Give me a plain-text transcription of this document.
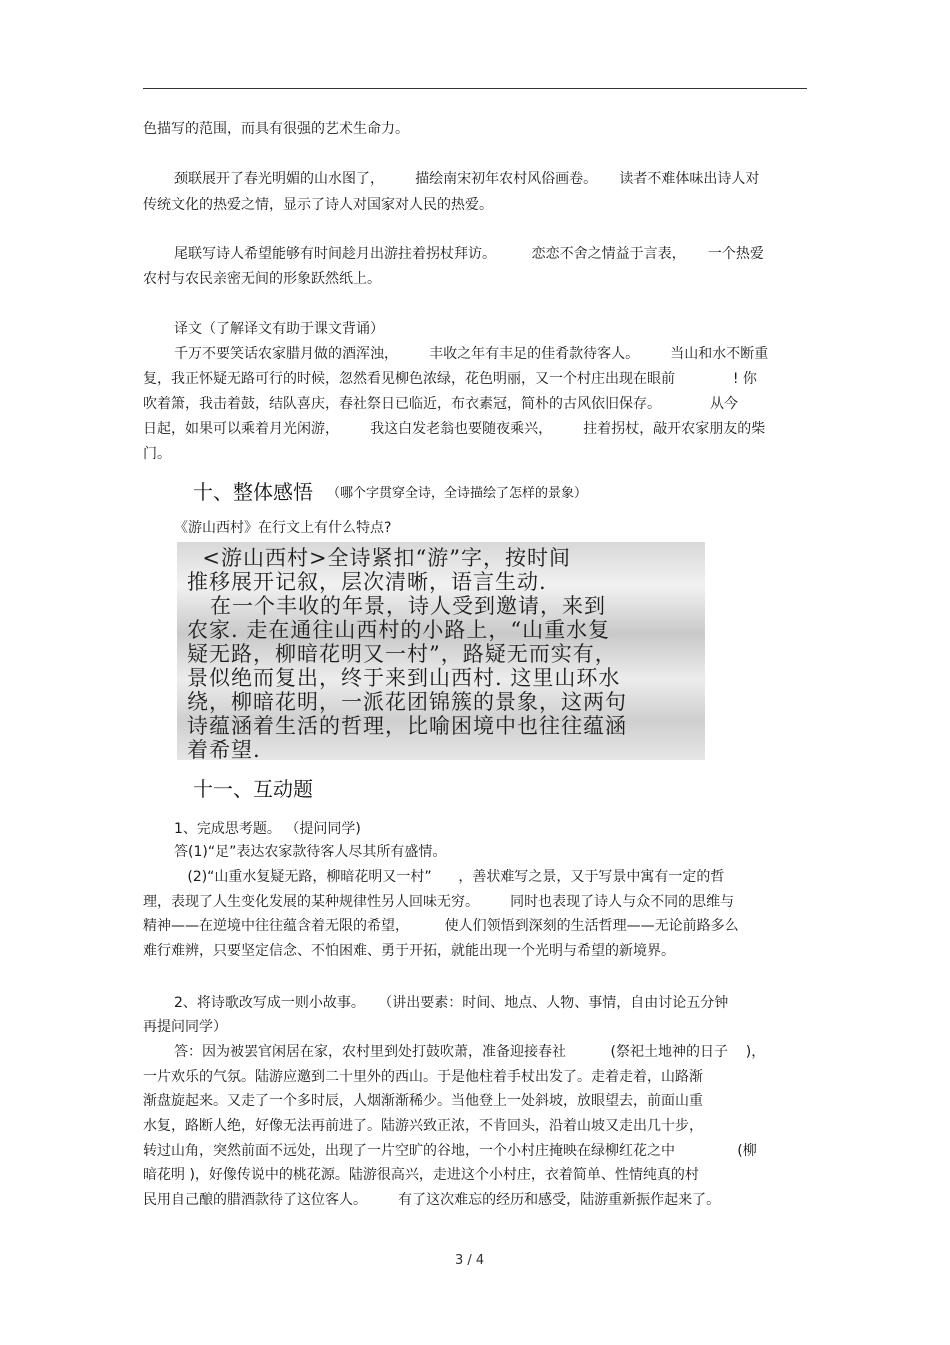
色描写的范围，而具有很强的艺术生命力。
颈联展开了春光明媚的山水图了，       描绘南宋初年农村风俗画卷。     读者不难体味出诗人对
传统文化的热爱之情，显示了诗人对国家对人民的热爱。
尾联写诗人希望能够有时间趁月出游拄着拐杖拜访。        恋恋不舍之情益于言表，     一个热爱
农村与农民亲密无间的形象跃然纸上。
译文（了解译文有助于课文背诵）
千万不要笑话农家腊月做的酒浑浊，       丰收之年有丰足的佳肴款待客人。       当山和水不断重
复，我正怀疑无路可行的时候，忽然看见柳色浓绿，花色明丽，又一个村庄出现在眼前             ! 你
吹着箫，我击着鼓，结队喜庆，春社祭日已临近，布衣素冠，简朴的古风依旧保存。           从今
日起，如果可以乘着月光闲游，       我这白发老翁也要随夜乘兴，       拄着拐杖，敲开农家朋友的柴
门。
十、整体感悟 （哪个字贯穿全诗，全诗描绘了怎样的景象）
《游山西村》在行文上有什么特点?
<游山西村>全诗紧扣“游”字，按时间
推移展开记叙，层次清晰，语言生动.
在一个丰收的年景，诗人受到邀请，来到
农家. 走在通往山西村的小路上，“山重水复
疑无路，柳暗花明又一村”，路疑无而实有，
景似绝而复出，终于来到山西村. 这里山环水
绕，柳暗花明，一派花团锦簇的景象，这两句
诗蕴涵着生活的哲理，比喻困境中也往往蕴涵
着希望.
十一、互动题
1、完成思考题。 （提问同学)
答(1)“足”表达农家款待客人尽其所有盛情。
(2)“山重水复疑无路，柳暗花明又一村”      ，善状难写之景，又于写景中寓有一定的哲
理，表现了人生变化发展的某种规律性另人回味无穷。       同时也表现了诗人与众不同的思维与
精神——在逆境中往往蕴含着无限的希望，        使人们领悟到深刻的生活哲理——无论前路多么
难行难辨，只要坚定信念、不怕困难、勇于开拓，就能出现一个光明与希望的新境界。
2、将诗歌改写成一则小故事。   （讲出要素：时间、地点、人物、事情，自由讨论五分钟
再提问同学）
答：因为被罢官闲居在家，农村里到处打鼓吹萧，准备迎接春社          (祭祀土地神的日子    )，
一片欢乐的气氛。陆游应邀到二十里外的西山。于是他柱着手杖出发了。走着走着，山路渐
渐盘旋起来。又走了一个多时辰，人烟渐渐稀少。当他登上一处斜坡，放眼望去，前面山重
水复，路断人绝，好像无法再前进了。陆游兴致正浓，不肯回头，沿着山坡又走出几十步，
转过山角，突然前面不远处，出现了一片空旷的谷地，一个小村庄掩映在绿柳红花之中              (柳
暗花明 )，好像传说中的桃花源。陆游很高兴，走进这个小村庄，衣着简单、性情纯真的村
民用自己酿的腊酒款待了这位客人。       有了这次难忘的经历和感受，陆游重新振作起来了。
3 / 4
